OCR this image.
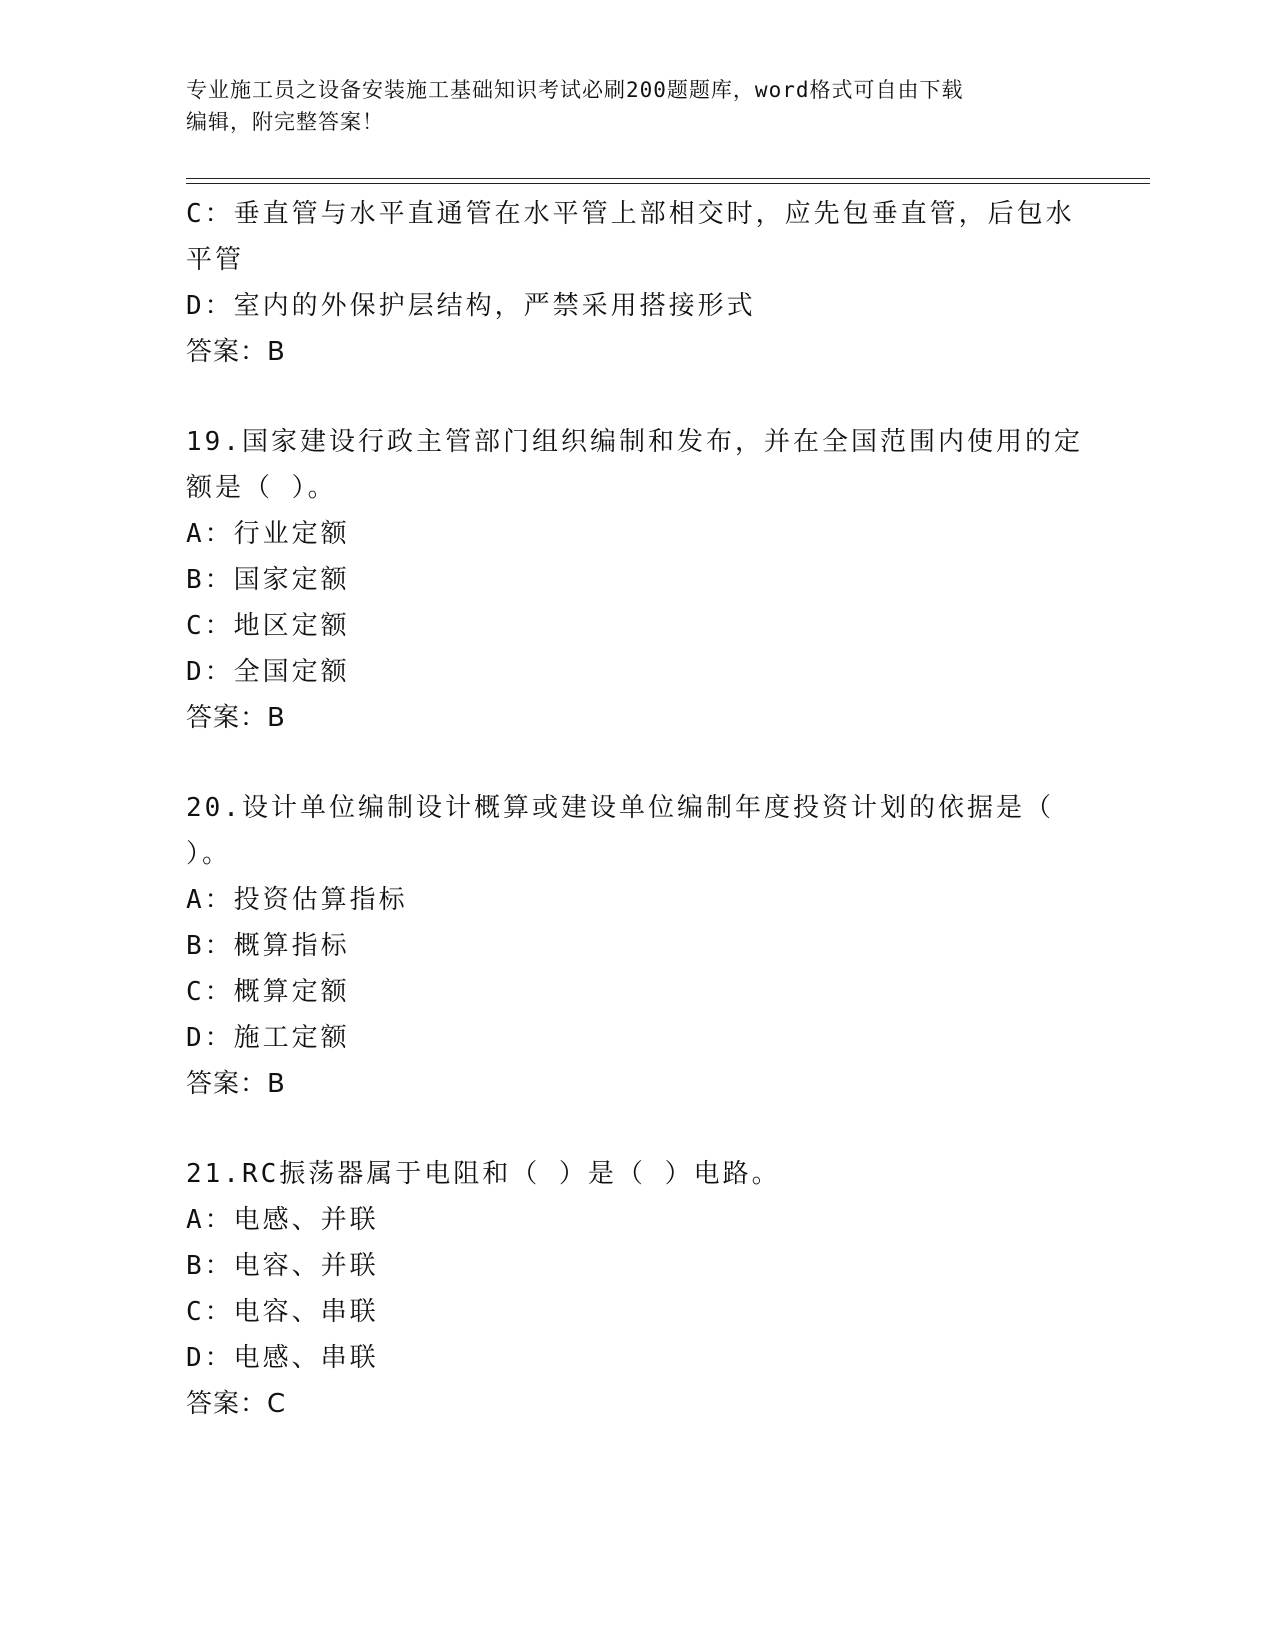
专业施工员之设备安装施工基础知识考试必刷200题题库，word格式可自由下载
编辑，附完整答案！
C：垂直管与水平直通管在水平管上部相交时，应先包垂直管，后包水
平管
D：室内的外保护层结构，严禁采用搭接形式
答案：B
19.国家建设行政主管部门组织编制和发布，并在全国范围内使用的定
额是（ ）。
A：行业定额
B：国家定额
C：地区定额
D：全国定额
答案：B
20.设计单位编制设计概算或建设单位编制年度投资计划的依据是（
）。
A：投资估算指标
B：概算指标
C：概算定额
D：施工定额
答案：B
21.RC振荡器属于电阻和（ ）是（ ）电路。
A：电感、并联
B：电容、并联
C：电容、串联
D：电感、串联
答案：C
